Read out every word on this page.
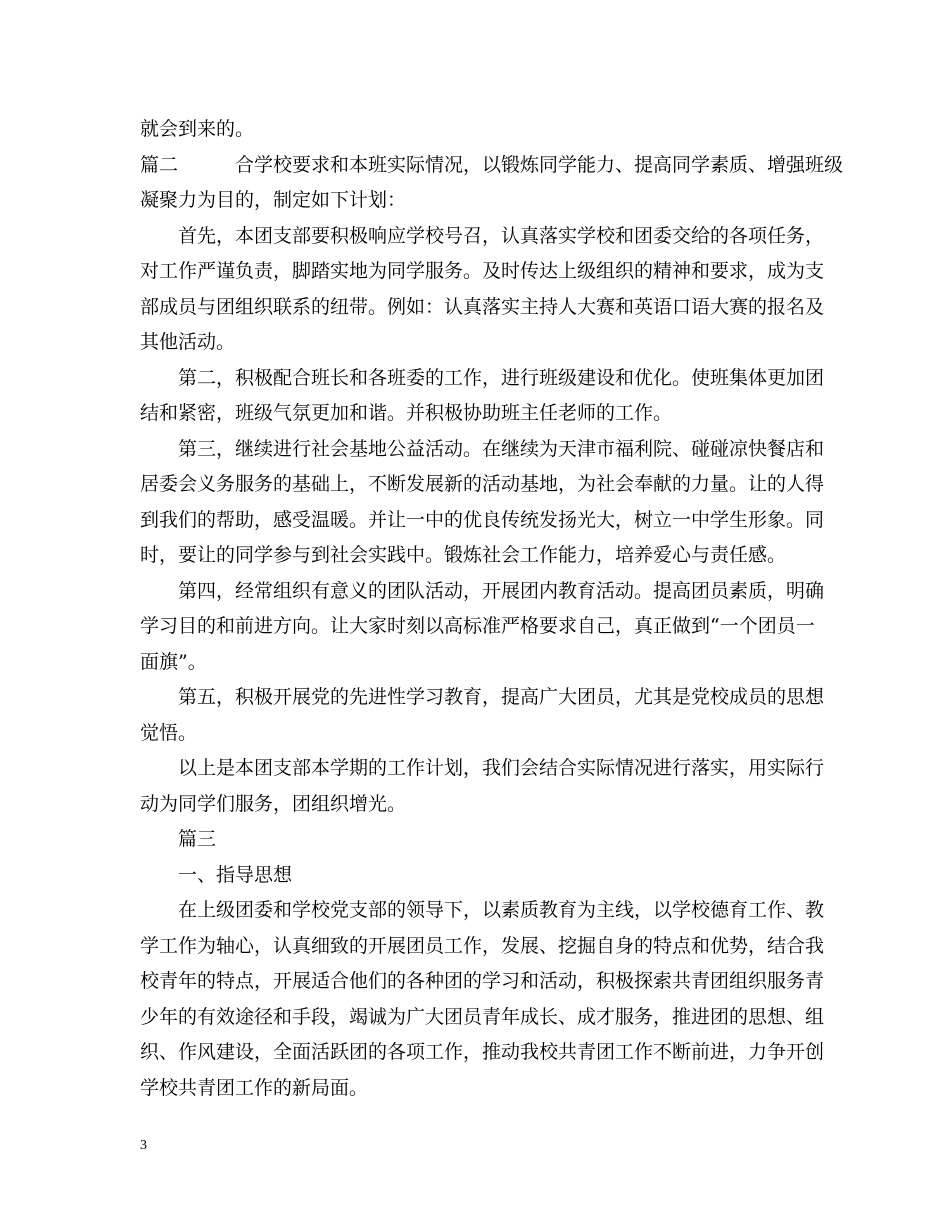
就会到来的。
篇二	合学校要求和本班实际情况，以锻炼同学能力、提高同学素质、增强班级
凝聚力为目的，制定如下计划：
　　首先，本团支部要积极响应学校号召，认真落实学校和团委交给的各项任务，
对工作严谨负责，脚踏实地为同学服务。及时传达上级组织的精神和要求，成为支
部成员与团组织联系的纽带。例如：认真落实主持人大赛和英语口语大赛的报名及
其他活动。
　　第二，积极配合班长和各班委的工作，进行班级建设和优化。使班集体更加团
结和紧密，班级气氛更加和谐。并积极协助班主任老师的工作。
　　第三，继续进行社会基地公益活动。在继续为天津市福利院、碰碰凉快餐店和
居委会义务服务的基础上，不断发展新的活动基地，为社会奉献的力量。让的人得
到我们的帮助，感受温暖。并让一中的优良传统发扬光大，树立一中学生形象。同
时，要让的同学参与到社会实践中。锻炼社会工作能力，培养爱心与责任感。
　　第四，经常组织有意义的团队活动，开展团内教育活动。提高团员素质，明确
学习目的和前进方向。让大家时刻以高标准严格要求自己，真正做到“一个团员一
面旗”。
　　第五，积极开展党的先进性学习教育，提高广大团员，尤其是党校成员的思想
觉悟。
　　以上是本团支部本学期的工作计划，我们会结合实际情况进行落实，用实际行
动为同学们服务，团组织增光。
　　篇三
　　一、指导思想
　　在上级团委和学校党支部的领导下，以素质教育为主线，以学校德育工作、教
学工作为轴心，认真细致的开展团员工作，发展、挖掘自身的特点和优势，结合我
校青年的特点，开展适合他们的各种团的学习和活动，积极探索共青团组织服务青
少年的有效途径和手段，竭诚为广大团员青年成长、成才服务，推进团的思想、组
织、作风建设，全面活跃团的各项工作，推动我校共青团工作不断前进，力争开创
学校共青团工作的新局面。
3
